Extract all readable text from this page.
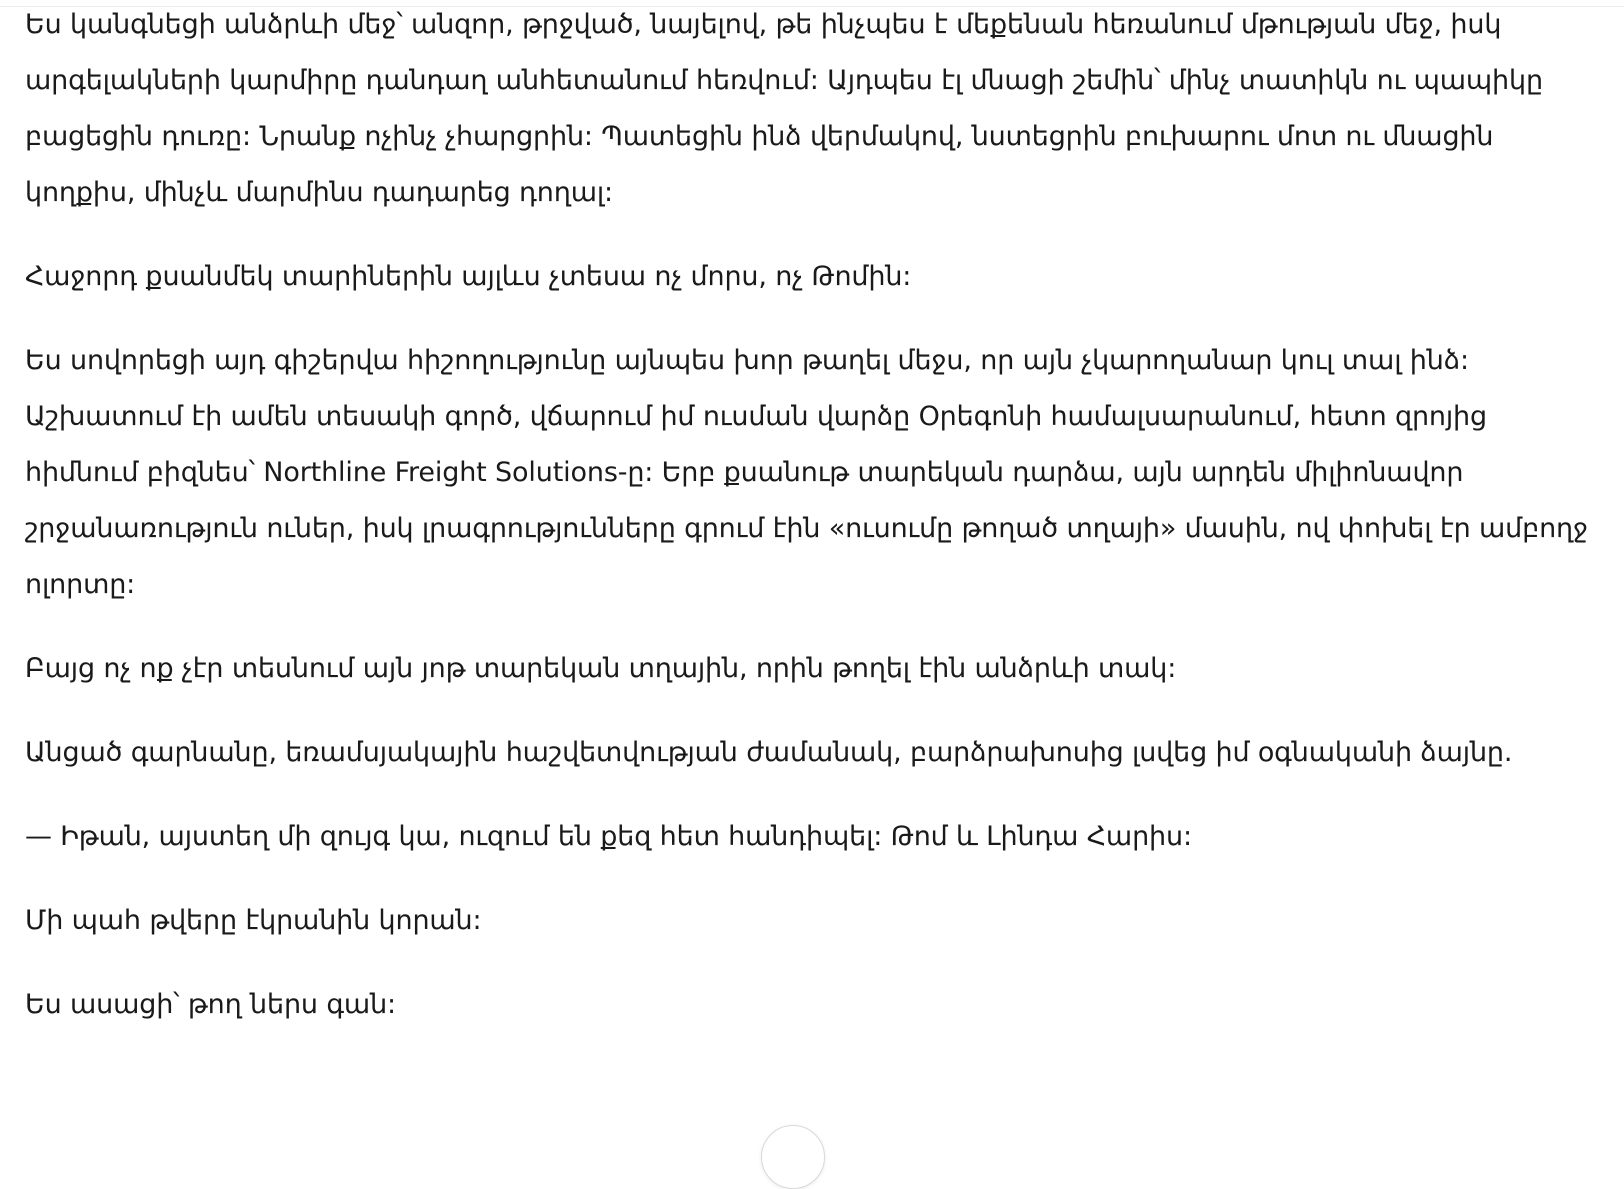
Ես կանգնեցի անձրևի մեջ՝ անզոր, թրջված, նայելով, թե ինչպես է մեքենան հեռանում մթության մեջ, իսկ արգելակների կարմիրը դանդաղ անհետանում հեռվում: Այդպես էլ մնացի շեմին՝ մինչ տատիկն ու պապիկը բացեցին դուռը: Նրանք ոչինչ չհարցրին: Պատեցին ինձ վերմակով, նստեցրին բուխարու մոտ ու մնացին կողքիս, մինչև մարմինս դադարեց դողալ:

Հաջորդ քսանմեկ տարիներին այլևս չտեսա ոչ մորս, ոչ Թոմին:

Ես սովորեցի այդ գիշերվա հիշողությունը այնպես խոր թաղել մեջս, որ այն չկարողանար կուլ տալ ինձ: Աշխատում էի ամեն տեսակի գործ, վճարում իմ ուսման վարձը Օրեգոնի համալսարանում, հետո զրոյից հիմնում բիզնես՝ Northline Freight Solutions-ը: Երբ քսանութ տարեկան դարձա, այն արդեն միլիոնավոր շրջանառություն ուներ, իսկ լրագրությունները գրում էին «ուսումը թողած տղայի» մասին, ով փոխել էր ամբողջ ոլորտը:

Բայց ոչ ոք չէր տեսնում այն յոթ տարեկան տղային, որին թողել էին անձրևի տակ:

Անցած գարնանը, եռամսյակային հաշվետվության ժամանակ, բարձրախոսից լսվեց իմ օգնականի ձայնը.

— Իթան, այստեղ մի զույգ կա, ուզում են քեզ հետ հանդիպել: Թոմ և Լինդա Հարիս:

Մի պահ թվերը էկրանին կորան:

Ես ասացի՝ թող ներս գան:
